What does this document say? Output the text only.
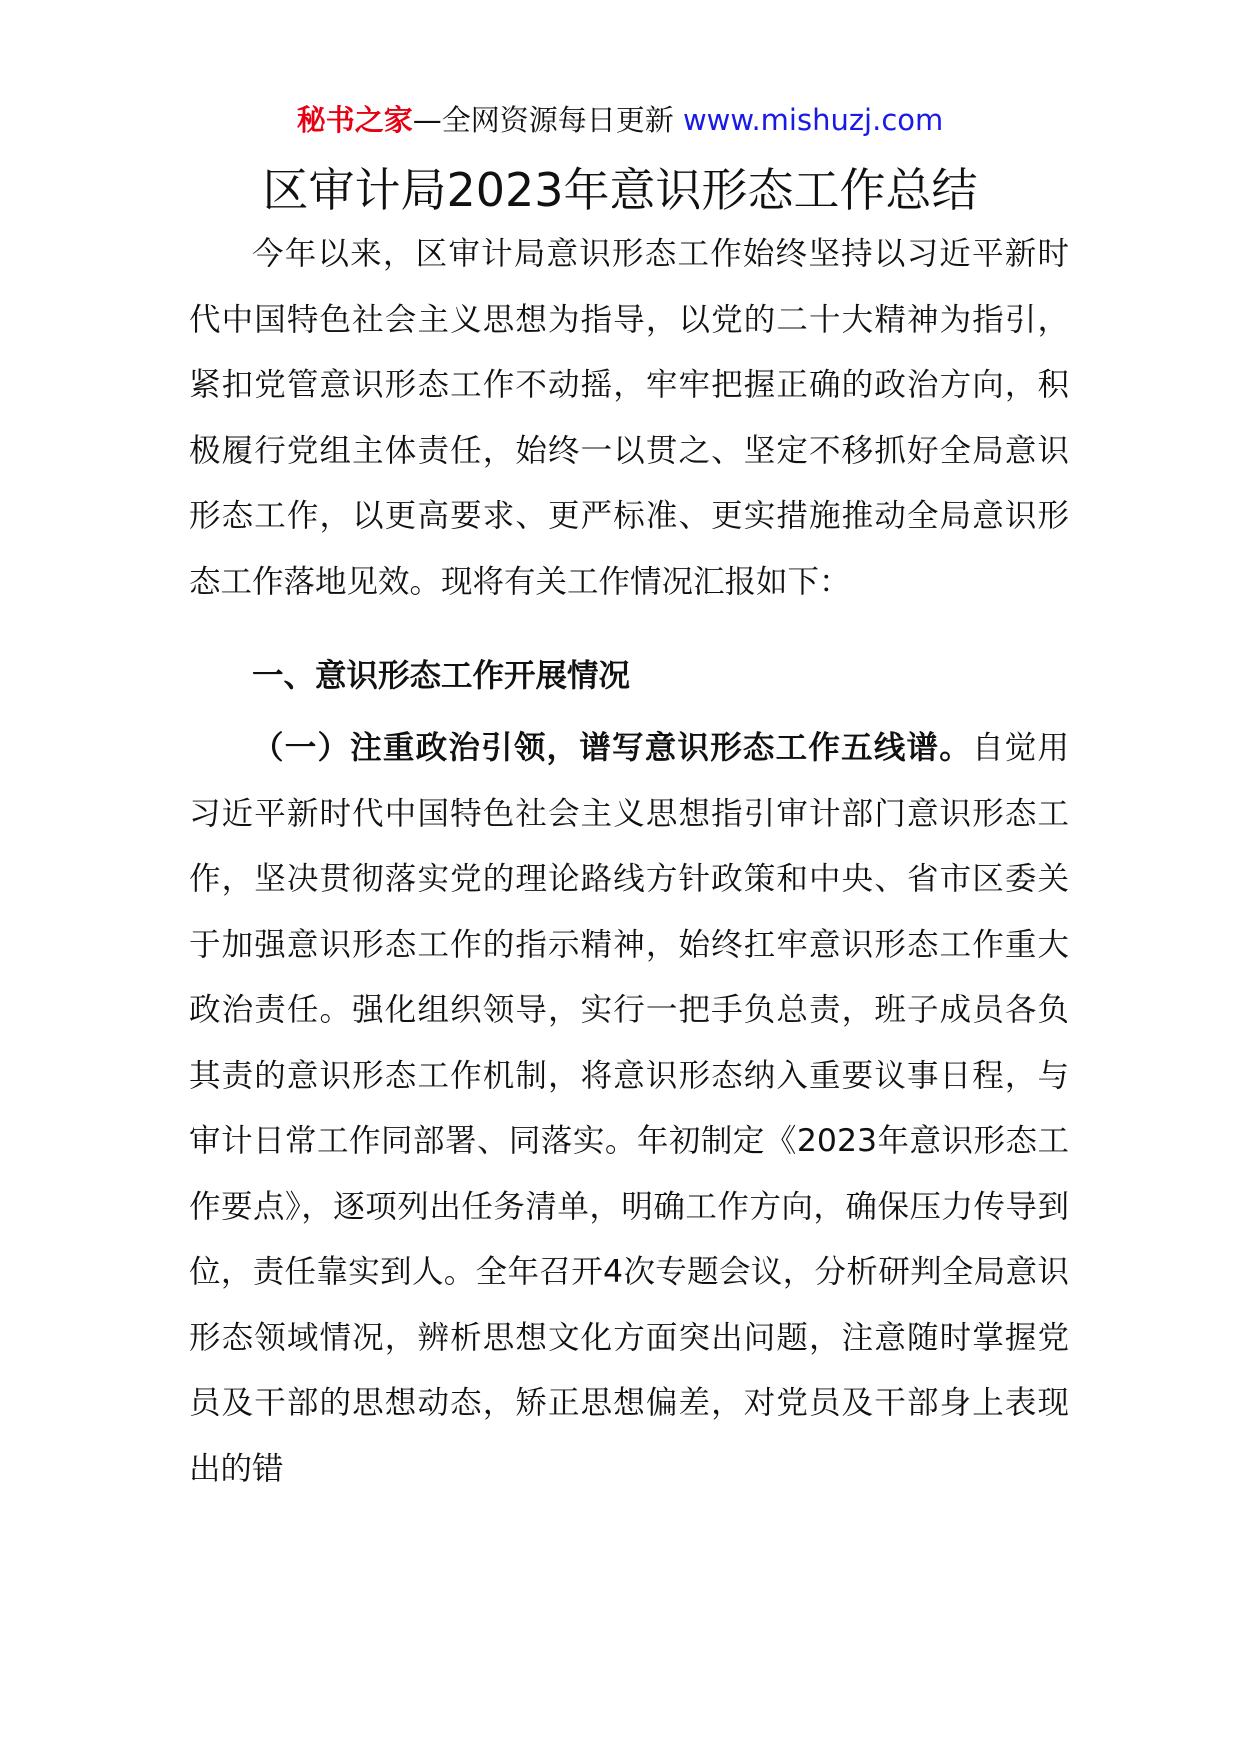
秘书之家—全网资源每日更新 www.mishuzj.com
区审计局2023年意识形态工作总结

今年以来，区审计局意识形态工作始终坚持以习近平新时代中国特色社会主义思想为指导，以党的二十大精神为指引，紧扣党管意识形态工作不动摇，牢牢把握正确的政治方向，积极履行党组主体责任，始终一以贯之、坚定不移抓好全局意识形态工作，以更高要求、更严标准、更实措施推动全局意识形态工作落地见效。现将有关工作情况汇报如下：

一、意识形态工作开展情况

（一）注重政治引领，谱写意识形态工作五线谱。自觉用习近平新时代中国特色社会主义思想指引审计部门意识形态工作，坚决贯彻落实党的理论路线方针政策和中央、省市区委关于加强意识形态工作的指示精神，始终扛牢意识形态工作重大政治责任。强化组织领导，实行一把手负总责，班子成员各负其责的意识形态工作机制，将意识形态纳入重要议事日程，与审计日常工作同部署、同落实。年初制定《2023年意识形态工作要点》，逐项列出任务清单，明确工作方向，确保压力传导到位，责任靠实到人。全年召开4次专题会议，分析研判全局意识形态领域情况，辨析思想文化方面突出问题，注意随时掌握党员及干部的思想动态，矫正思想偏差，对党员及干部身上表现出的错
